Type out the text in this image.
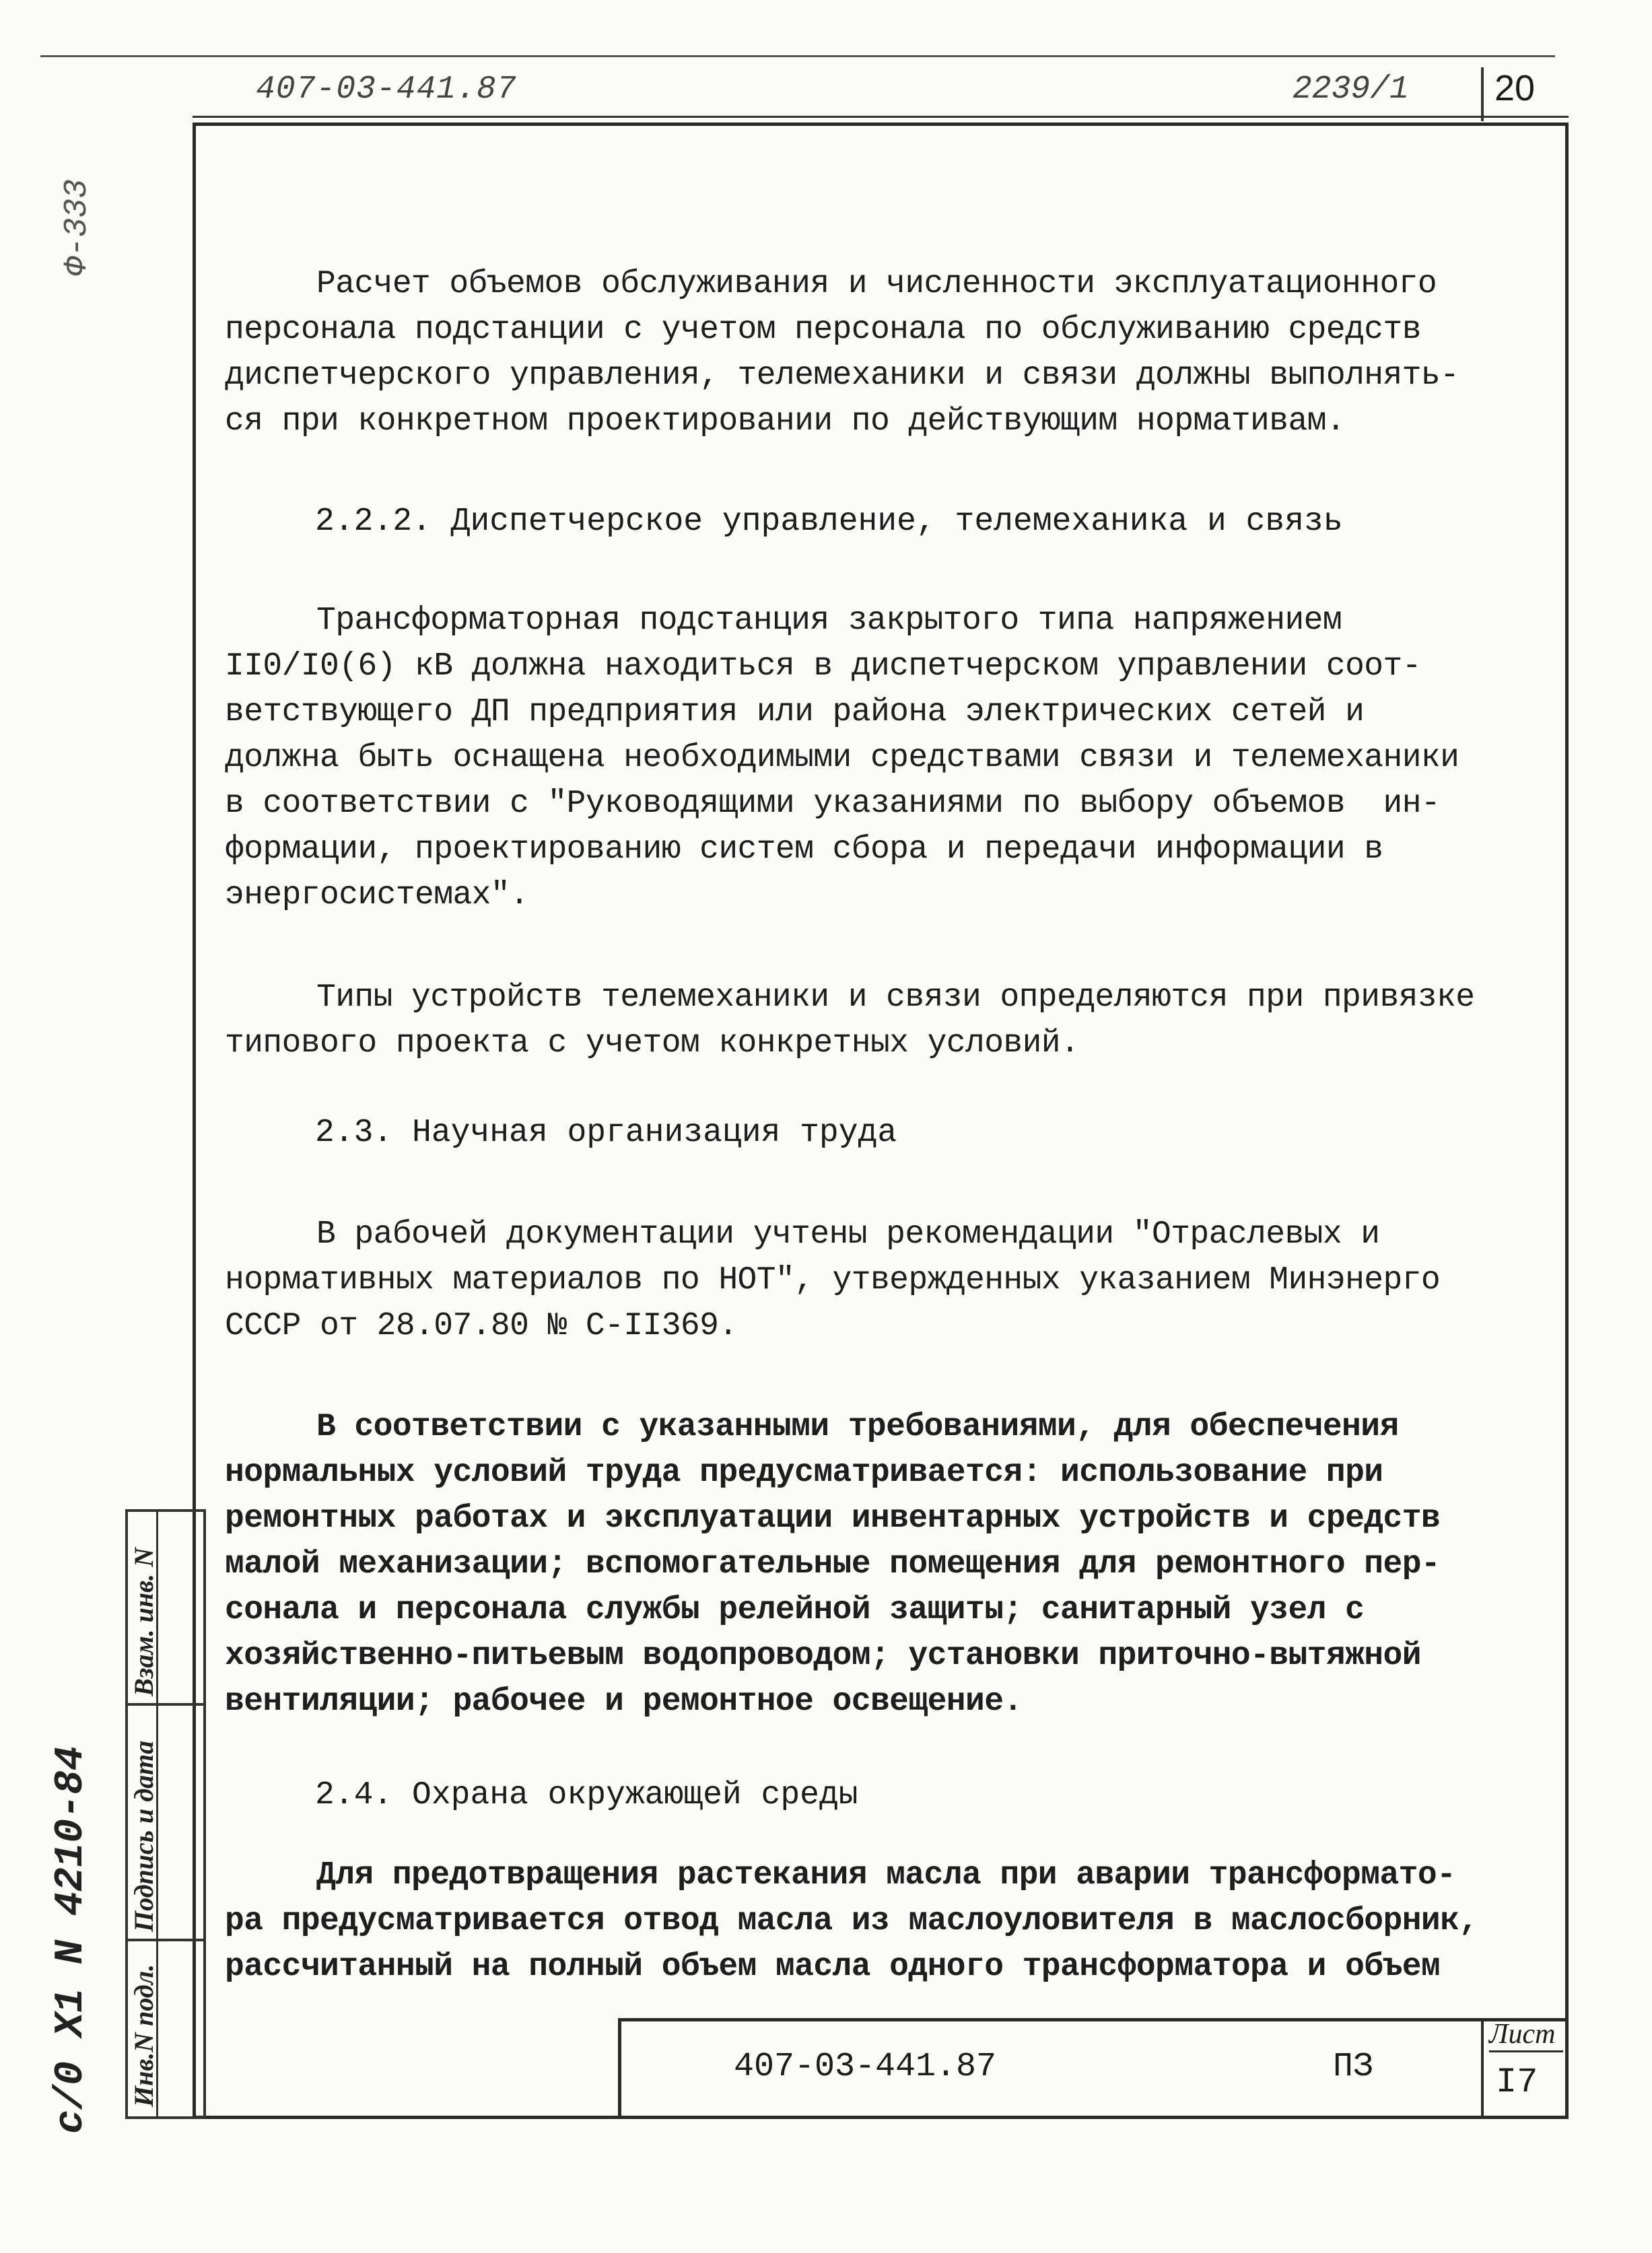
407-03-441.87	2239/1	20
Ф-333
с/0 Х1 N 4210-84 Инв.N подл.
Подпись и дата
Взам. инв. N
Расчет объемов обслуживания и численности эксплуатационного
персонала подстанции с учетом персонала по обслуживанию средств
диспетчерского управления, телемеханики и связи должны выполнять-
ся при конкретном проектировании по действующим нормативам.
2.2.2. Диспетчерское управление, телемеханика и связь
Трансформаторная подстанция закрытого типа напряжением
II0/I0(6) кВ должна находиться в диспетчерском управлении соот-
ветствующего ДП предприятия или района электрических сетей и
должна быть оснащена необходимыми средствами связи и телемеханики
в соответствии с "Руководящими указаниями по выбору объемов  ин-
формации, проектированию систем сбора и передачи информации в
энергосистемах".
Типы устройств телемеханики и связи определяются при привязке
типового проекта с учетом конкретных условий.
2.3. Научная организация труда
В рабочей документации учтены рекомендации "Отраслевых и
нормативных материалов по НОТ", утвержденных указанием Минэнерго
СССР от 28.07.80 № С-II369.
В соответствии с указанными требованиями, для обеспечения
нормальных условий труда предусматривается: использование при
ремонтных работах и эксплуатации инвентарных устройств и средств
малой механизации; вспомогательные помещения для ремонтного пер-
сонала и персонала службы релейной защиты; санитарный узел с
хозяйственно-питьевым водопроводом; установки приточно-вытяжной
вентиляции; рабочее и ремонтное освещение.
2.4. Охрана окружающей среды
Для предотвращения растекания масла при аварии трансформато-
ра предусматривается отвод масла из маслоуловителя в маслосборник,
рассчитанный на полный объем масла одного трансформатора и объем
407-03-441.87	ПЗ
Лист
I7
